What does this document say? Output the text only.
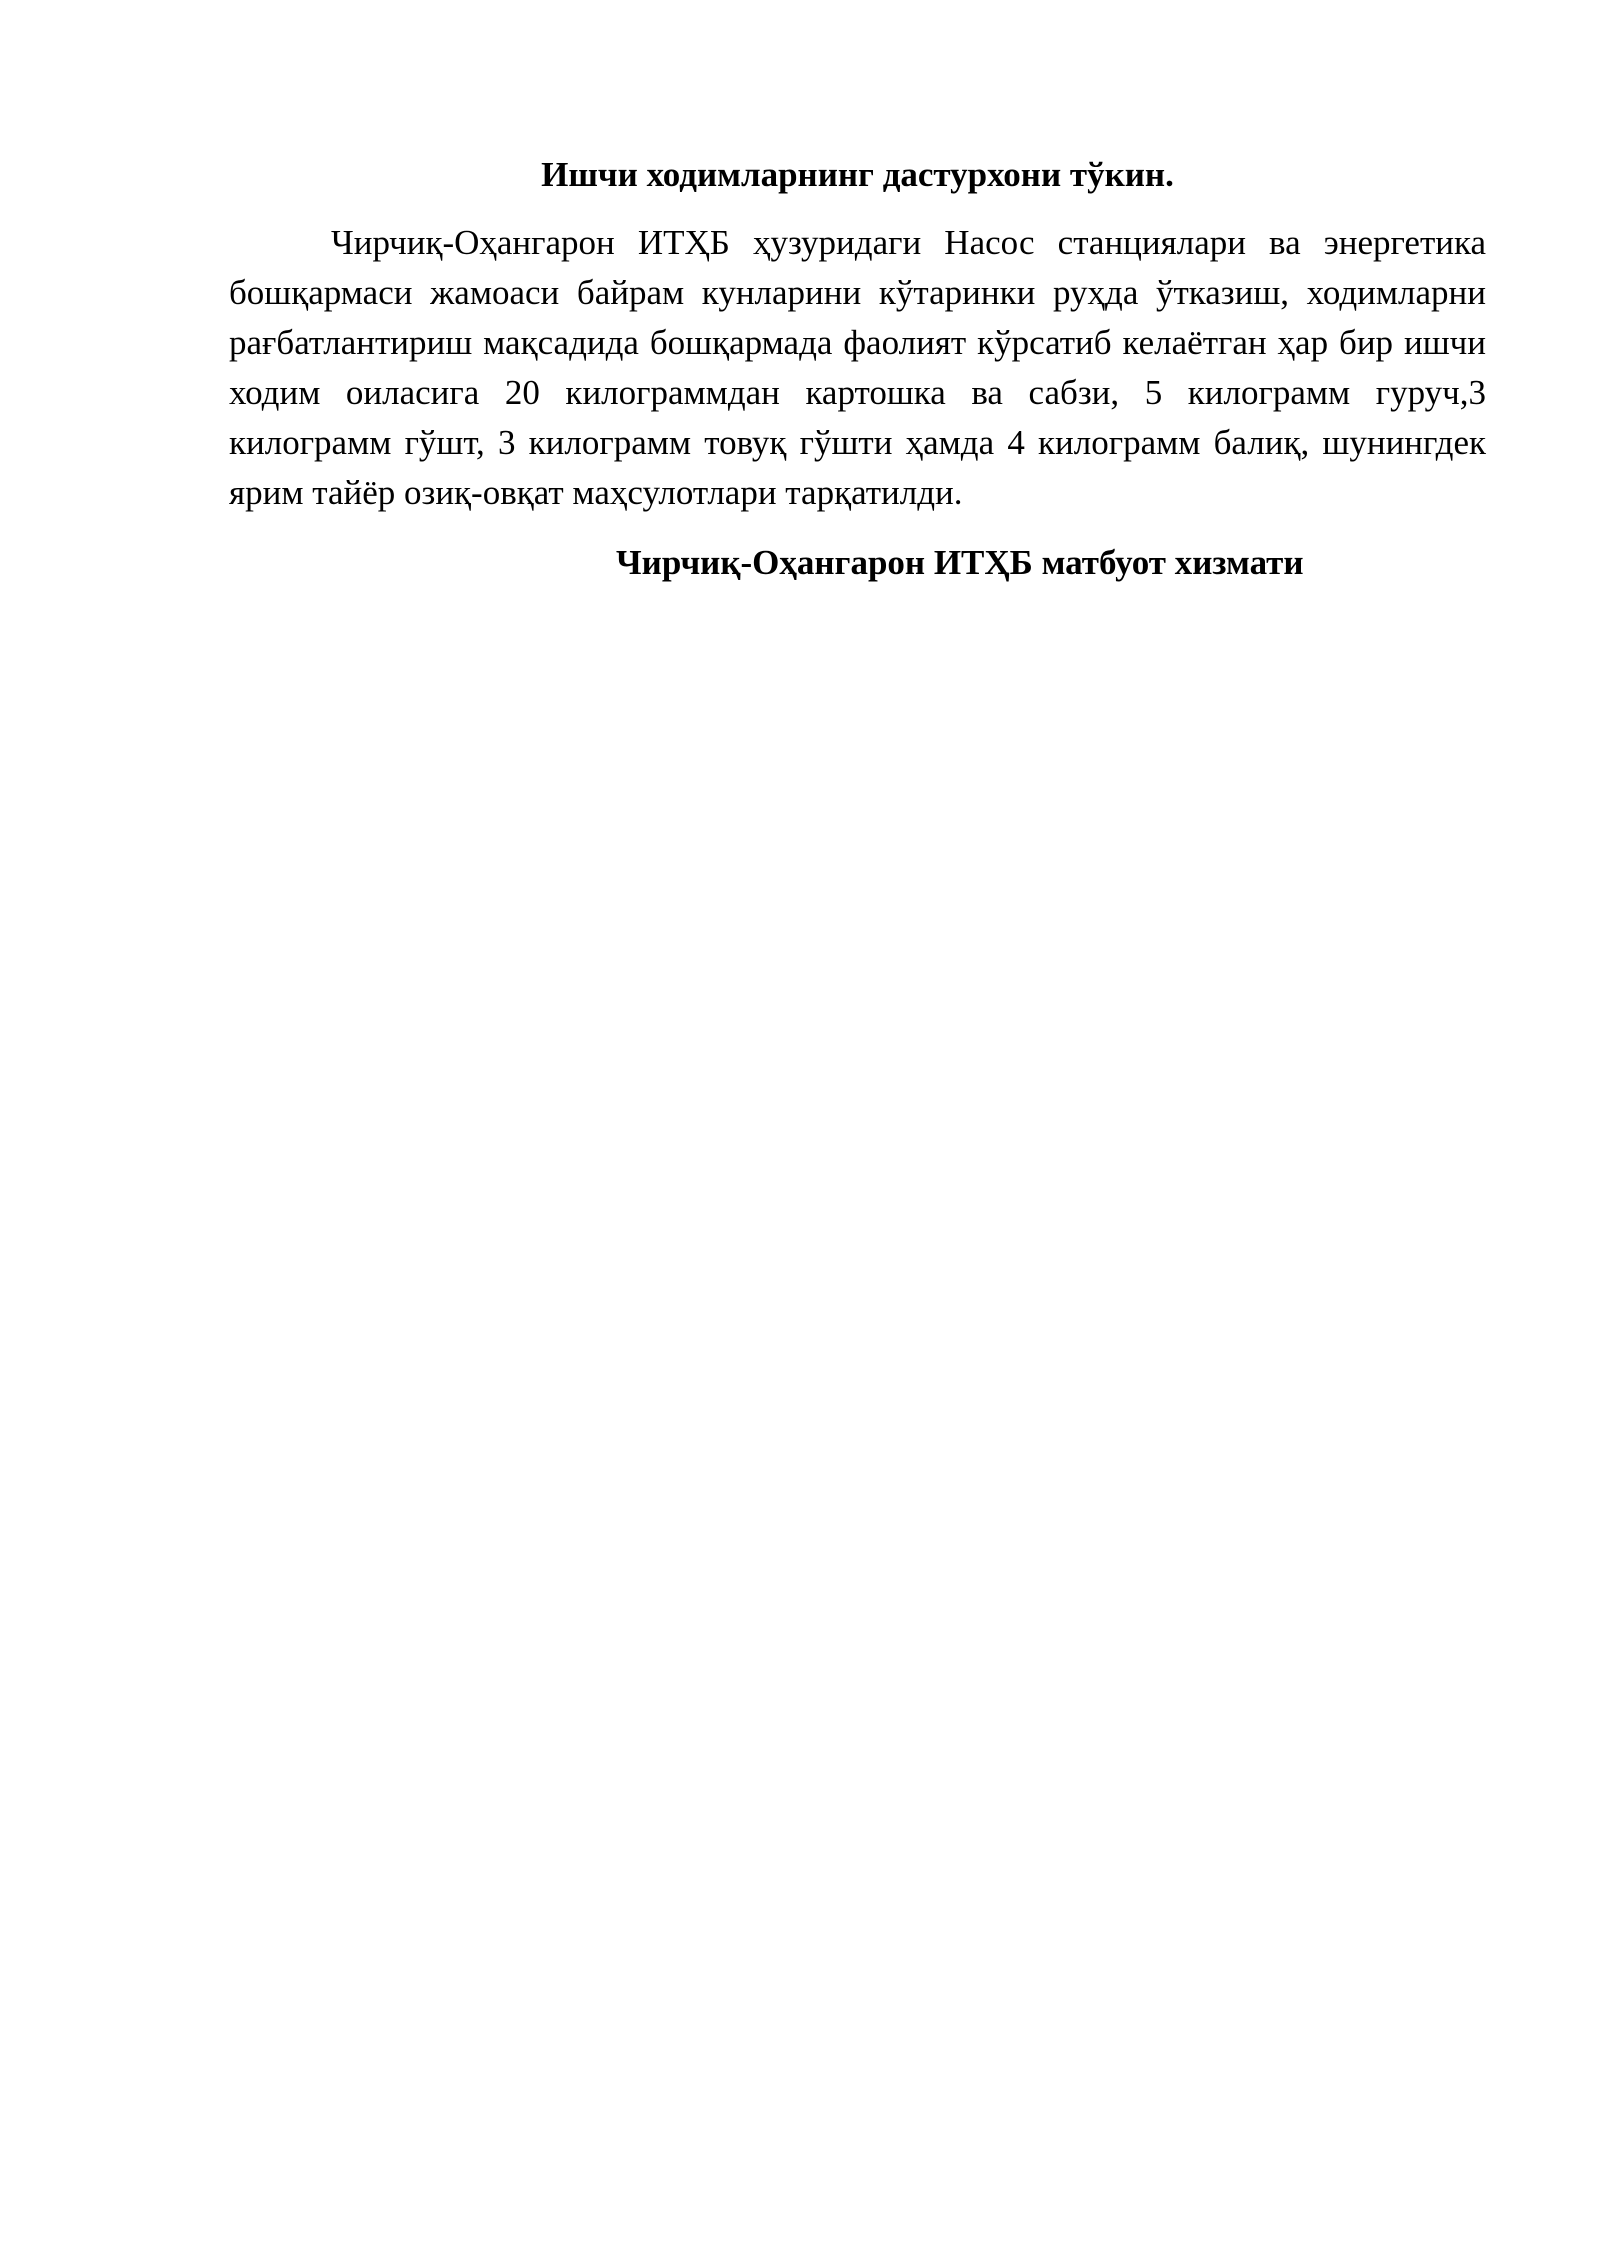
Ишчи ходимларнинг дастурхони тўкин.

Чирчиқ-Оҳангарон ИТҲБ ҳузуридаги Насос станциялари ва энергетика бошқармаси жамоаси байрам кунларини кўтаринки руҳда ўтказиш, ходимларни рағбатлантириш мақсадида бошқармада фаолият кўрсатиб келаётган ҳар бир ишчи ходим оиласига 20 килограммдан картошка ва сабзи, 5 килограмм гуруч,3 килограмм гўшт, 3 килограмм товуқ гўшти ҳамда 4 килограмм балиқ, шунингдек ярим тайёр озиқ-овқат маҳсулотлари тарқатилди.

Чирчиқ-Оҳангарон ИТҲБ матбуот хизмати
